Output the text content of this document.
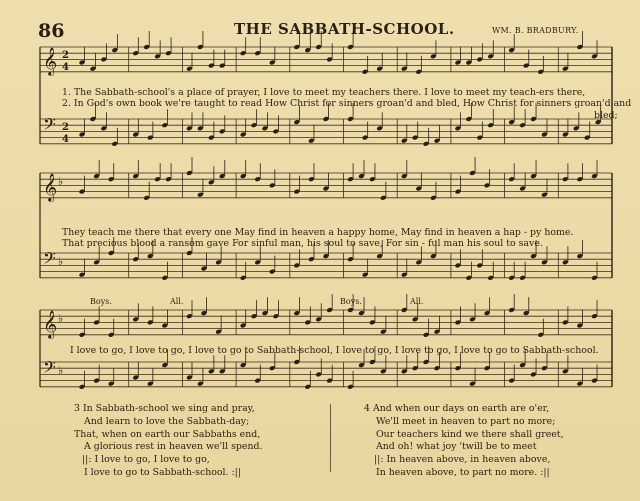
𝄞 2
4
𝄢 2
4
𝄞 ♭
𝄢 ♭
𝄞 ♭
𝄢 ♭
86	THE SABBATH-SCHOOL.	WM. B. BRADBURY.
1. The Sabbath-school's a place of prayer, I love to meet my teachers there. I love to meet my teach-ers there,
2. In God's own book we're taught to read How Christ for sinners groan'd and bled, How Christ for sinners groan'd and
bled;
They teach me there that every one May find in heaven a happy home, May find in heaven a hap - py home.
That precious blood a ransom gave For sinful man, his soul to save, For sin - ful man his soul to save.
Boys.	All.	Boys.	All.
I love to go, I love to go, I love to go to Sabbath-school, I love to go, I love to go, I love to go to Sabbath-school.
3 In Sabbath-school we sing and pray,
And learn to love the Sabbath-day;
That, when on earth our Sabbaths end,
A glorious rest in heaven we'll spend.
||: I love to go, I love to go,
I love to go to Sabbath-school. :||
4 And when our days on earth are o'er,
We'll meet in heaven to part no more;
Our teachers kind we there shall greet,
And oh! what joy 'twill be to meet
||: In heaven above, in heaven above,
In heaven above, to part no more. :||
